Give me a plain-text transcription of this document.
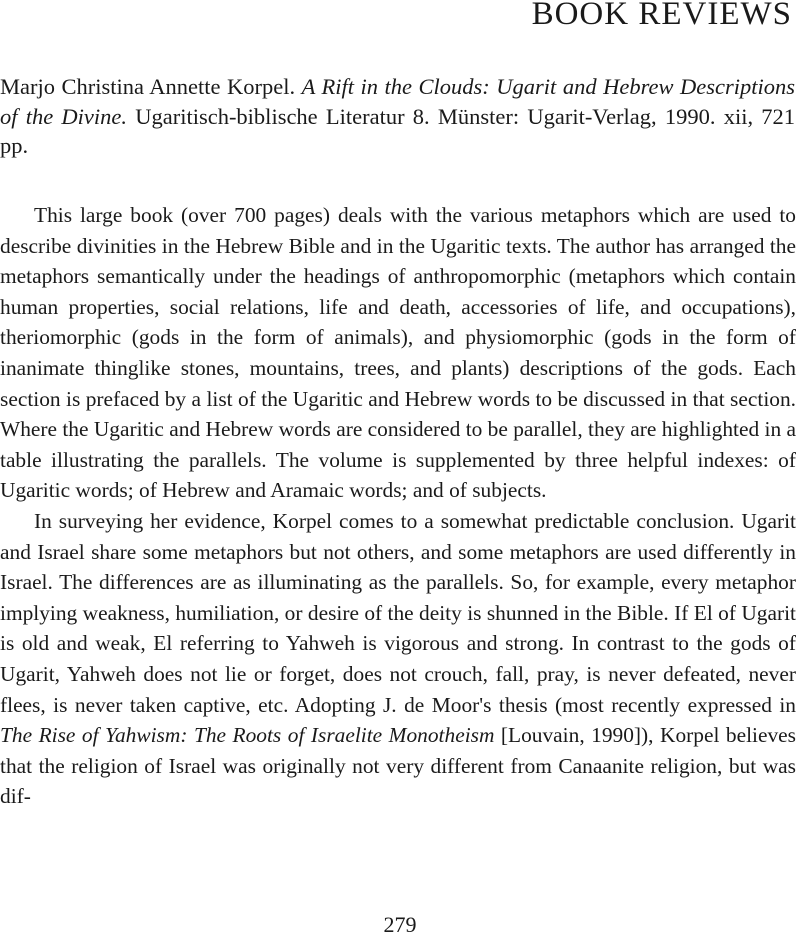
BOOK REVIEWS

Marjo Christina Annette Korpel. A Rift in the Clouds: Ugarit and Hebrew Descriptions of the Divine. Ugaritisch-biblische Literatur 8. Münster: Ugarit-Verlag, 1990. xii, 721 pp.

This large book (over 700 pages) deals with the various metaphors which are used to describe divinities in the Hebrew Bible and in the Ugaritic texts. The author has arranged the metaphors semantically under the headings of anthropomorphic (metaphors which contain human properties, social relations, life and death, accessories of life, and occupations), theriomorphic (gods in the form of animals), and physiomorphic (gods in the form of inanimate thinglike stones, mountains, trees, and plants) descriptions of the gods. Each section is prefaced by a list of the Ugaritic and Hebrew words to be discussed in that section. Where the Ugaritic and Hebrew words are considered to be parallel, they are highlighted in a table illustrating the parallels. The volume is supplemented by three helpful indexes: of Ugaritic words; of Hebrew and Aramaic words; and of subjects.

In surveying her evidence, Korpel comes to a somewhat predictable conclusion. Ugarit and Israel share some metaphors but not others, and some metaphors are used differently in Israel. The differences are as illuminating as the parallels. So, for example, every metaphor implying weakness, humiliation, or desire of the deity is shunned in the Bible. If El of Ugarit is old and weak, El referring to Yahweh is vigorous and strong. In contrast to the gods of Ugarit, Yahweh does not lie or forget, does not crouch, fall, pray, is never defeated, never flees, is never taken captive, etc. Adopting J. de Moor's thesis (most recently expressed in The Rise of Yahwism: The Roots of Israelite Monotheism [Louvain, 1990]), Korpel believes that the religion of Israel was originally not very different from Canaanite religion, but was dif-

279
